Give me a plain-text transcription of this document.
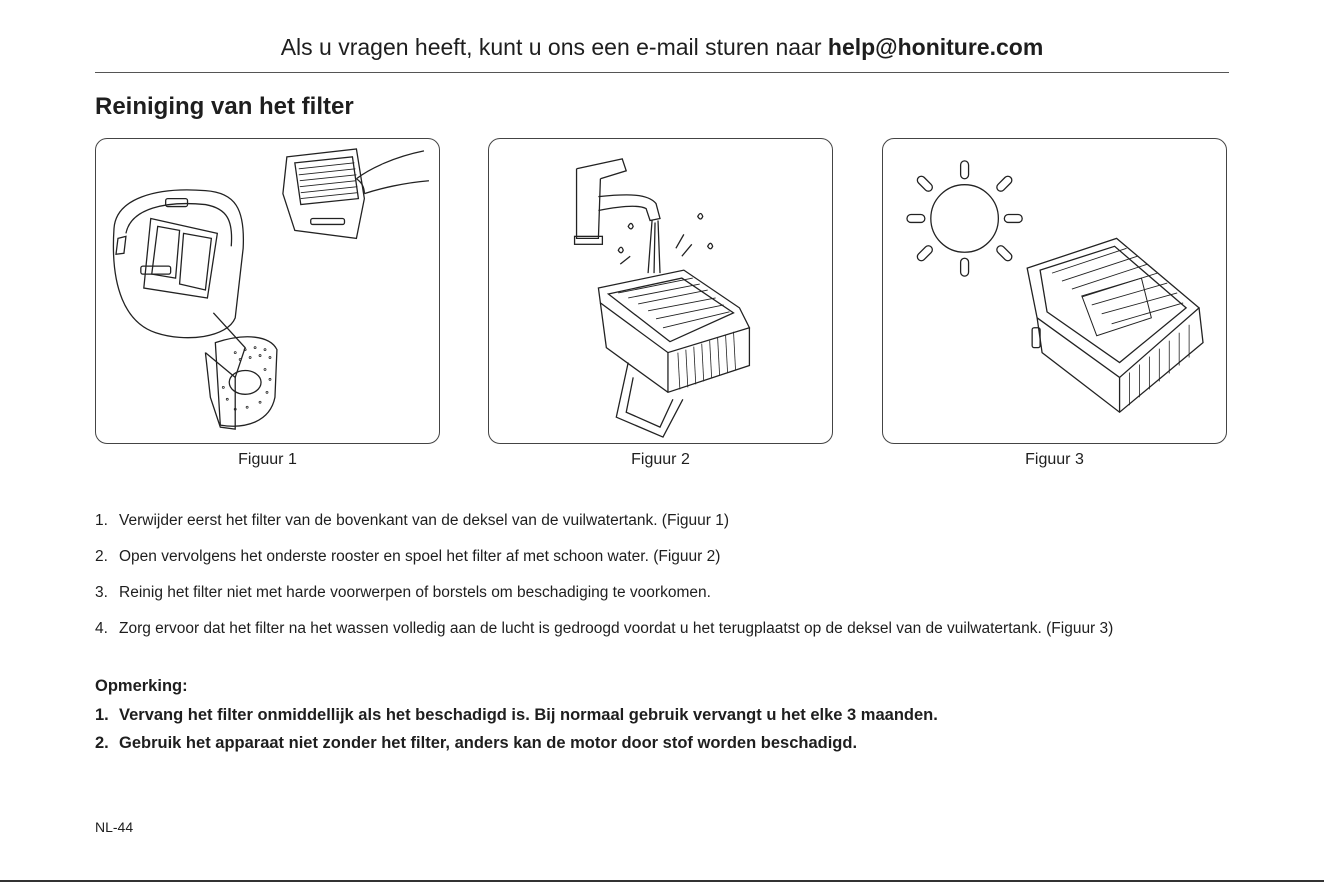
Als u vragen heeft, kunt u ons een e-mail sturen naar help@honiture.com
Reiniging van het filter
Figuur 1	Figuur 2	Figuur 3
1. Verwijder eerst het filter van de bovenkant van de deksel van de vuilwatertank. (Figuur 1)
2. Open vervolgens het onderste rooster en spoel het filter af met schoon water. (Figuur 2)
3. Reinig het filter niet met harde voorwerpen of borstels om beschadiging te voorkomen.
4. Zorg ervoor dat het filter na het wassen volledig aan de lucht is gedroogd voordat u het terugplaatst op de deksel van de vuilwatertank. (Figuur 3)
Opmerking:
1. Vervang het filter onmiddellijk als het beschadigd is. Bij normaal gebruik vervangt u het elke 3 maanden.
2. Gebruik het apparaat niet zonder het filter, anders kan de motor door stof worden beschadigd.
NL-44
